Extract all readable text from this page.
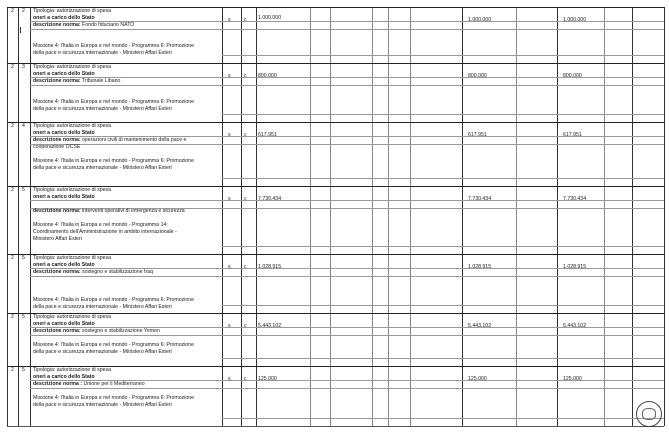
2 2 Tipologia: autorizzazione di spesa
oneri a carico dello Stato
descrizione norma: Fondo fiduciario NATO
Missione 4: l'Italia in Europa e nel mondo - Programma 6: Promozione
della pace e sicurezza internazionale - Ministero Affari Esteri
s	c 1.000.000	1.000.000	1.000.000
2 3 Tipologia: autorizzazione di spesa
oneri a carico dello Stato
descrizione norma: Tribunale Libano
Missione 4: l'Italia in Europa e nel mondo - Programma 6: Promozione
della pace e sicurezza internazionale - Ministero Affari Esteri
s	c 800.000	800.000	800.000
2 4 Tipologia: autorizzazione di spesa
oneri a carico dello Stato
descrizione norma: operazioni civili di mantenimento della pace e
cooperazione OCSE
Missione 4: l'Italia in Europa e nel mondo - Programma 6: Promozione
della pace e sicurezza internazionale - Ministero Affari Esteri
s	c 617.951	617.951	617.951
2 5 Tipologia: autorizzazione di spesa
oneri a carico dello Stato
descrizione norma: interventi operativi di emergenza e sicurezza
Missione 4: l'Italia in Europa e nel mondo - Programma 14:
Coordinamento dell'Amministrazione in ambito internazionale -
Ministero Affari Esteri
s	c 7.730.434	7.730.434	7.730.434
2 5 Tipologia: autorizzazione di spesa
oneri a carico dello Stato
descrizione norma: sostegno e stabilizzazione Iraq
Missione 4: l'Italia in Europa e nel mondo - Programma 6: Promozione
della pace e sicurezza internazionale - Ministero Affari Esteri
s	c 1.028.915	1.028.915	1.028.915
2 5 Tipologia: autorizzazione di spesa
oneri a carico dello Stato
descrizione norma: sostegno e stabilizzazione Yemen
Missione 4: l'Italia in Europa e nel mondo - Programma 6: Promozione
della pace e sicurezza internazionale - Ministero Affari Esteri
s	c 5.443.102	5.443.102	5.443.102
2 5 Tipologia: autorizzazione di spesa
oneri a carico dello Stato
descrizione norma : Unione per il Mediterraneo
Missione 4: l'Italia in Europa e nel mondo - Programma 6: Promozione
della pace e sicurezza internazionale - Ministero Affari Esteri
s	c 125.000	125.000	125.000
